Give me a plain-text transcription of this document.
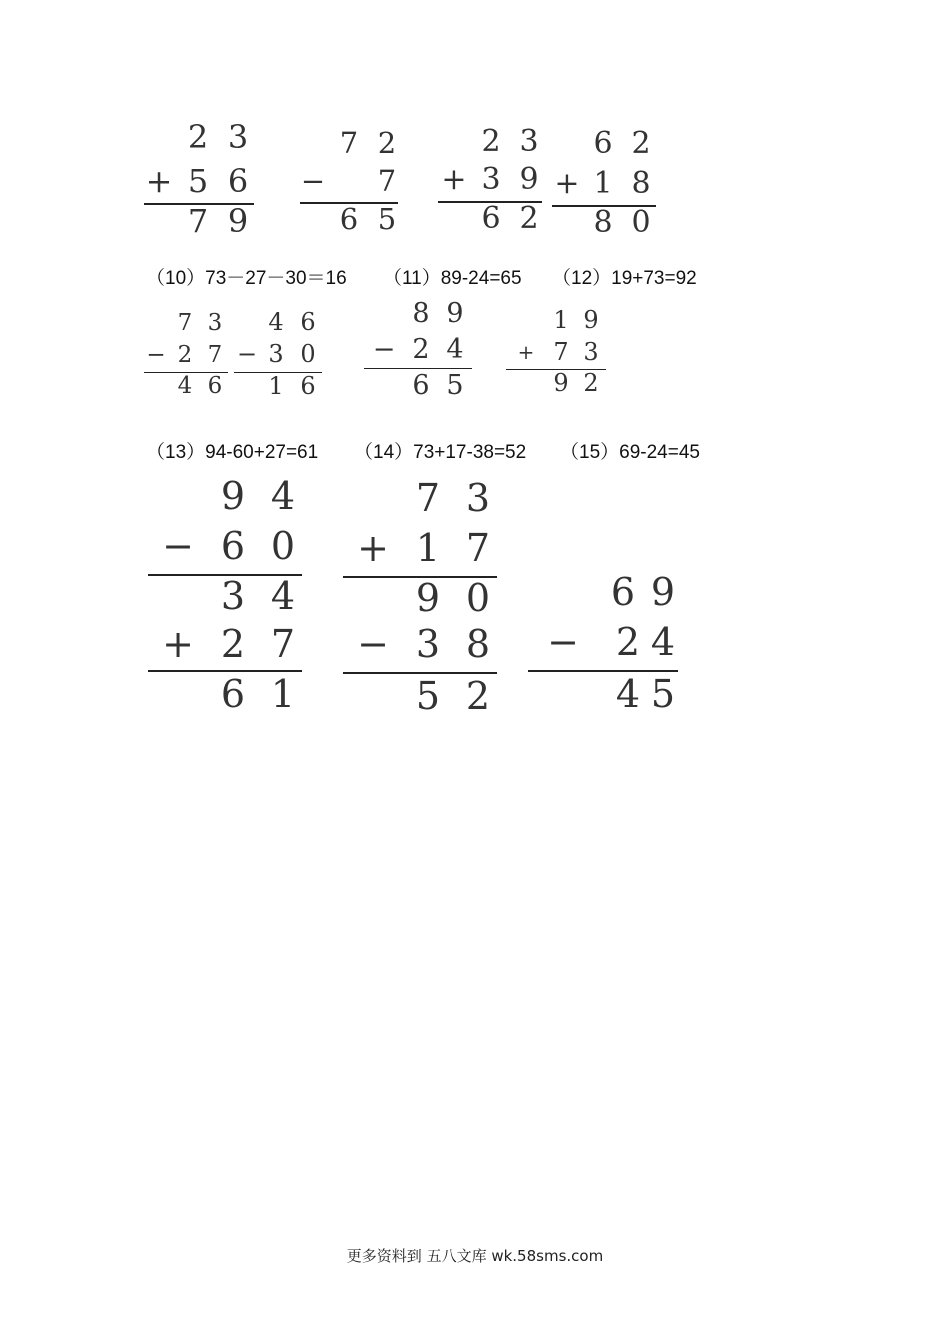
2 3
+ 5 6
7 9
7 2
−	7
6 5
2 3
+ 3 9
6 2
6 2
+ 1 8
8 0
（10）73－27－30＝16 （11）89-24=65 （12）19+73=92
7 3
− 2 7
4 6
4 6
− 3 0
1 6
8 9
− 2 4
6 5
1 9
+ 7 3
9 2
（13）94-60+27=61 （14）73+17-38=52 （15）69-24=45
9 4
− 6 0
3 4
+ 2 7
6 1
7 3
+ 1 7
9 0
− 3 8
5 2
6 9
− 2 4
4 5
更多资料到 五八文库 wk.58sms.com
